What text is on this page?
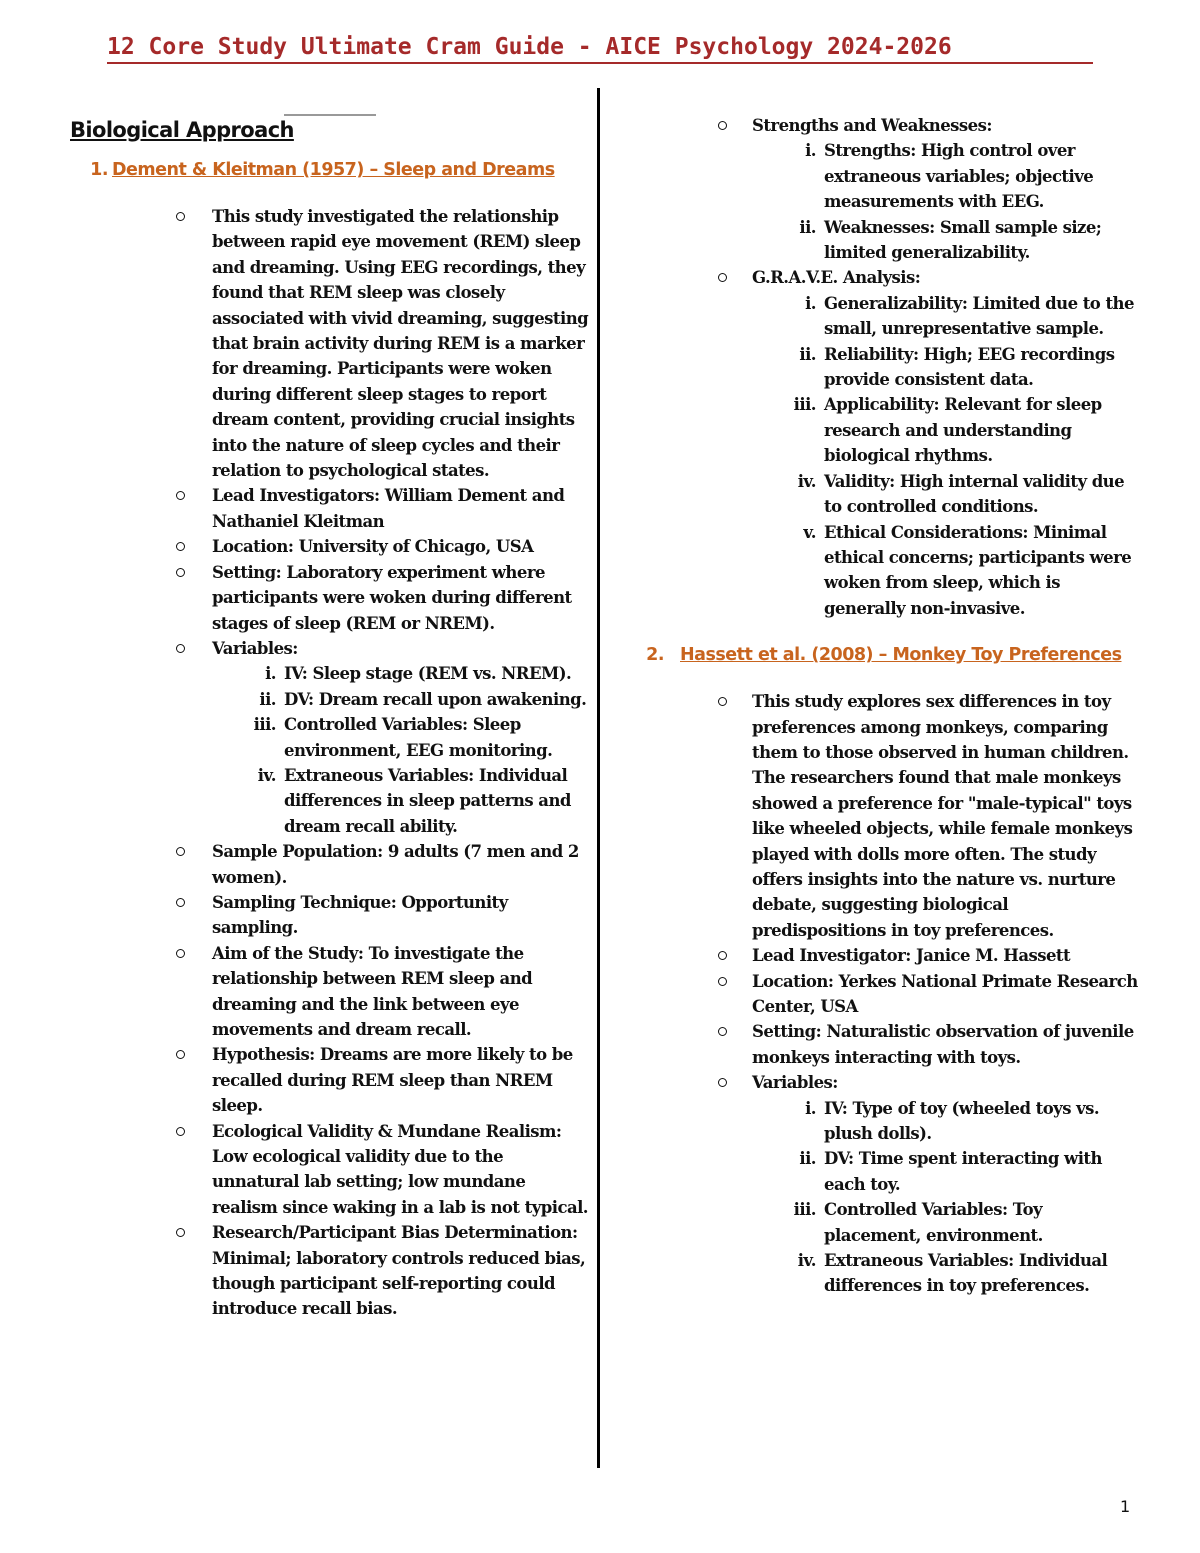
12 Core Study Ultimate Cram Guide - AICE Psychology 2024-2026
Biological Approach
1. Dement & Kleitman (1957) – Sleep and Dreams
This study investigated the relationship between rapid eye movement (REM) sleep and dreaming. Using EEG recordings, they found that REM sleep was closely associated with vivid dreaming, suggesting that brain activity during REM is a marker for dreaming. Participants were woken during different sleep stages to report dream content, providing crucial insights into the nature of sleep cycles and their relation to psychological states.
Lead Investigators: William Dement and Nathaniel Kleitman
Location: University of Chicago, USA
Setting: Laboratory experiment where participants were woken during different stages of sleep (REM or NREM).
Variables:
i. IV: Sleep stage (REM vs. NREM).
ii. DV: Dream recall upon awakening.
iii. Controlled Variables: Sleep environment, EEG monitoring.
iv. Extraneous Variables: Individual differences in sleep patterns and dream recall ability.
Sample Population: 9 adults (7 men and 2 women).
Sampling Technique: Opportunity sampling.
Aim of the Study: To investigate the relationship between REM sleep and dreaming and the link between eye movements and dream recall.
Hypothesis: Dreams are more likely to be recalled during REM sleep than NREM sleep.
Ecological Validity & Mundane Realism: Low ecological validity due to the unnatural lab setting; low mundane realism since waking in a lab is not typical.
Research/Participant Bias Determination: Minimal; laboratory controls reduced bias, though participant self-reporting could introduce recall bias.
Strengths and Weaknesses:
i. Strengths: High control over extraneous variables; objective measurements with EEG.
ii. Weaknesses: Small sample size; limited generalizability.
G.R.A.V.E. Analysis:
i. Generalizability: Limited due to the small, unrepresentative sample.
ii. Reliability: High; EEG recordings provide consistent data.
iii. Applicability: Relevant for sleep research and understanding biological rhythms.
iv. Validity: High internal validity due to controlled conditions.
v. Ethical Considerations: Minimal ethical concerns; participants were woken from sleep, which is generally non-invasive.
2. Hassett et al. (2008) – Monkey Toy Preferences
This study explores sex differences in toy preferences among monkeys, comparing them to those observed in human children. The researchers found that male monkeys showed a preference for "male-typical" toys like wheeled objects, while female monkeys played with dolls more often. The study offers insights into the nature vs. nurture debate, suggesting biological predispositions in toy preferences.
Lead Investigator: Janice M. Hassett
Location: Yerkes National Primate Research Center, USA
Setting: Naturalistic observation of juvenile monkeys interacting with toys.
Variables:
i. IV: Type of toy (wheeled toys vs. plush dolls).
ii. DV: Time spent interacting with each toy.
iii. Controlled Variables: Toy placement, environment.
iv. Extraneous Variables: Individual differences in toy preferences.
1
